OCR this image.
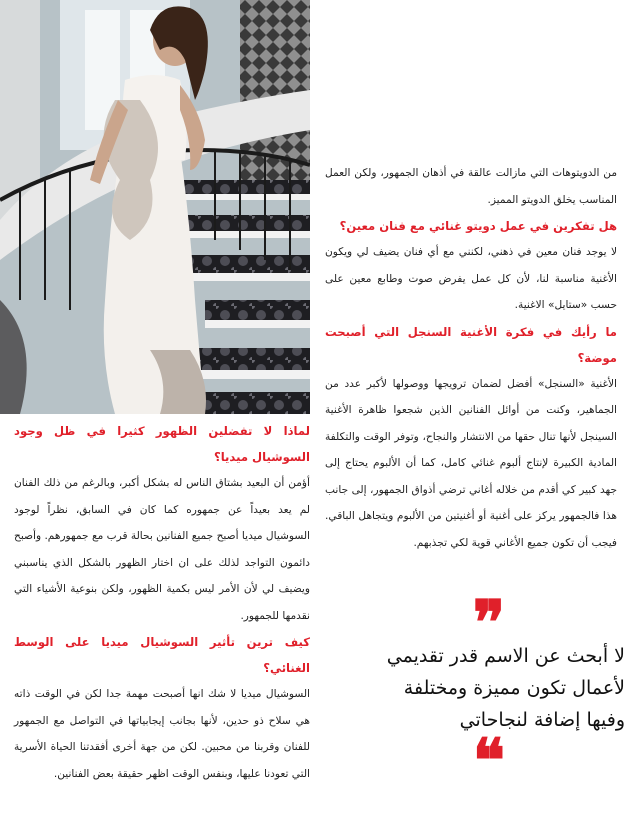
من الدويتوهات التي مازالت عالقة في أذهان الجمهور، ولكن العمل المناسب يخلق الدويتو المميز.

هل تفكرين في عمل دويتو غنائي مع فنان معين؟

لا يوجد فنان معين في ذهني، لكنني مع أي فنان يضيف لي ويكون الأغنية مناسبة لنا، لأن كل عمل يفرض صوت وطابع معين على حسب «ستايل» الاغنية.

ما رأيك في فكرة الأغنية السنجل التي أصبحت موضة؟

الأغنية «السنجل» أفضل لضمان ترويجها ووصولها لأكبر عدد من الجماهير، وكنت من أوائل الفنانين الذين شجعوا ظاهرة الأغنية السينجل لأنها تنال حقها من الانتشار والنجاح، وتوفر الوقت والتكلفة المادية الكبيرة لإنتاج ألبوم غنائي كامل، كما أن الألبوم يحتاج إلى جهد كبير كي أقدم من خلاله أغاني ترضي أذواق الجمهور، إلى جانب هذا فالجمهور يركز على أغنية أو أغنيتين من الألبوم ويتجاهل الباقي. فيجب أن تكون جميع الأغاني قوية لكي تجذبهم.

لماذا لا تفضلين الظهور كثيرا في ظل وجود السوشيال ميديا؟

أؤمن أن البعيد بشتاق الناس له بشكل أكبر، وبالرغم من ذلك الفنان لم يعد بعيداً عن جمهوره كما كان في السابق، نظراً لوجود السوشيال ميديا أصبح جميع الفنانين بحالة قرب مع جمهورهم. وأصبح دائمون التواجد لذلك على ان اختار الظهور بالشكل الذي يناسبني ويضيف لي لأن الأمر ليس بكمية الظهور، ولكن بنوعية الأشياء التي نقدمها للجمهور.

كيف ترين تأثير السوشيال ميديا على الوسط الغنائي؟

السوشيال ميديا لا شك انها أصبحت مهمة جدا لكن في الوقت ذاته هي سلاح ذو حدين، لأنها بجانب إيجابياتها في التواصل مع الجمهور للفنان وقربنا من محبين. لكن من جهة أخرى أفقدتنا الحياة الأسرية التي تعودنا عليها، وبنفس الوقت اظهر حقيقة بعض الفنانين.

❞

لا أبحث عن الاسم قدر تقديمي

لأعمال تكون مميزة ومختلفة

وفيها إضافة لنجاحاتي

❝
